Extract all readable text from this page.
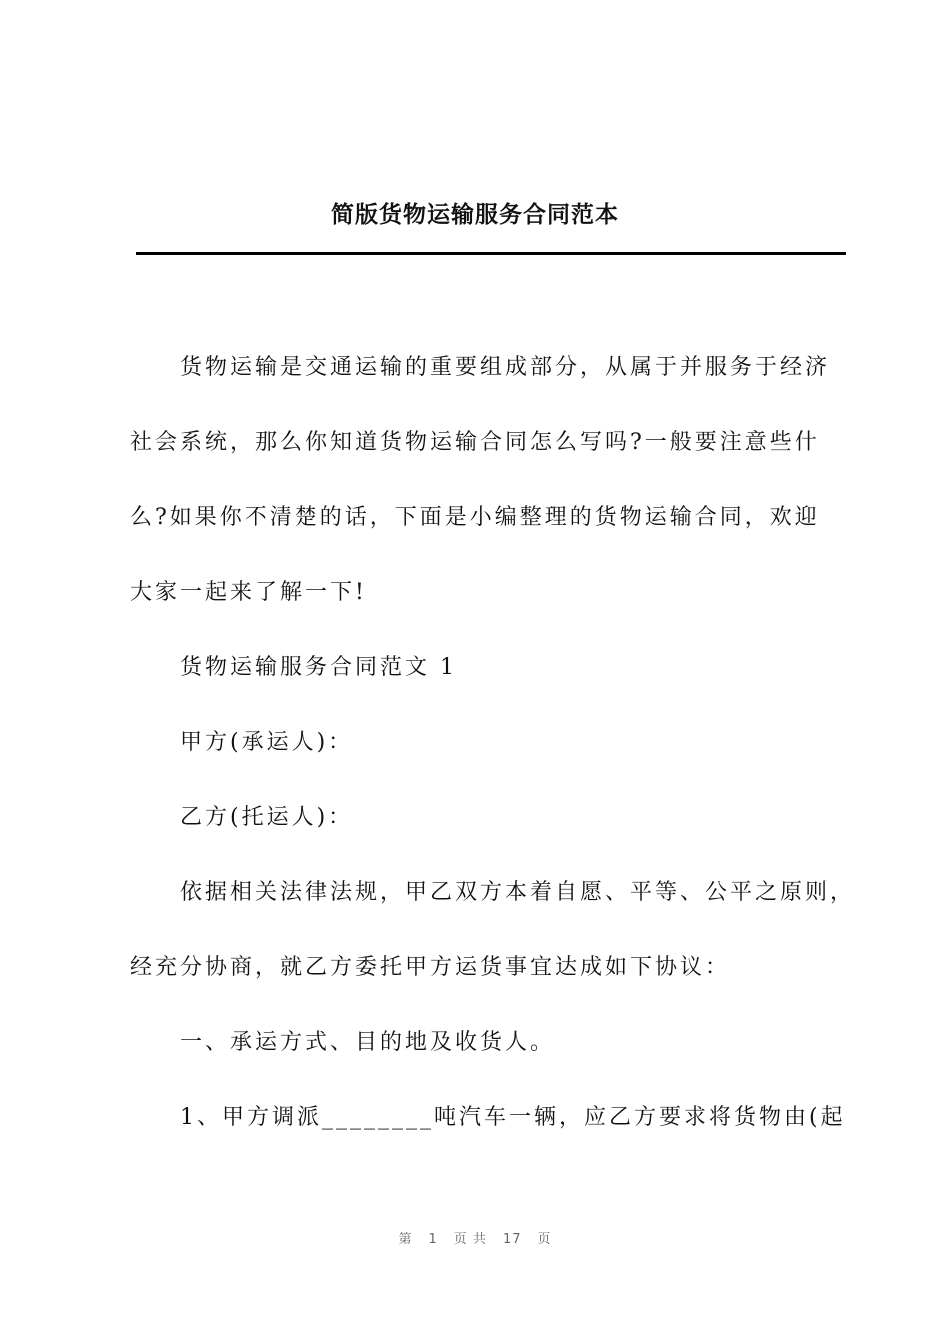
简版货物运输服务合同范本
货物运输是交通运输的重要组成部分，从属于并服务于经济
社会系统，那么你知道货物运输合同怎么写吗?一般要注意些什
么?如果你不清楚的话，下面是小编整理的货物运输合同，欢迎
大家一起来了解一下!
货物运输服务合同范文 1
甲方(承运人)：
乙方(托运人)：
依据相关法律法规，甲乙双方本着自愿、平等、公平之原则，
经充分协商，就乙方委托甲方运货事宜达成如下协议：
一、承运方式、目的地及收货人。
1、甲方调派________吨汽车一辆，应乙方要求将货物由(起
第 1 页 共 17 页
